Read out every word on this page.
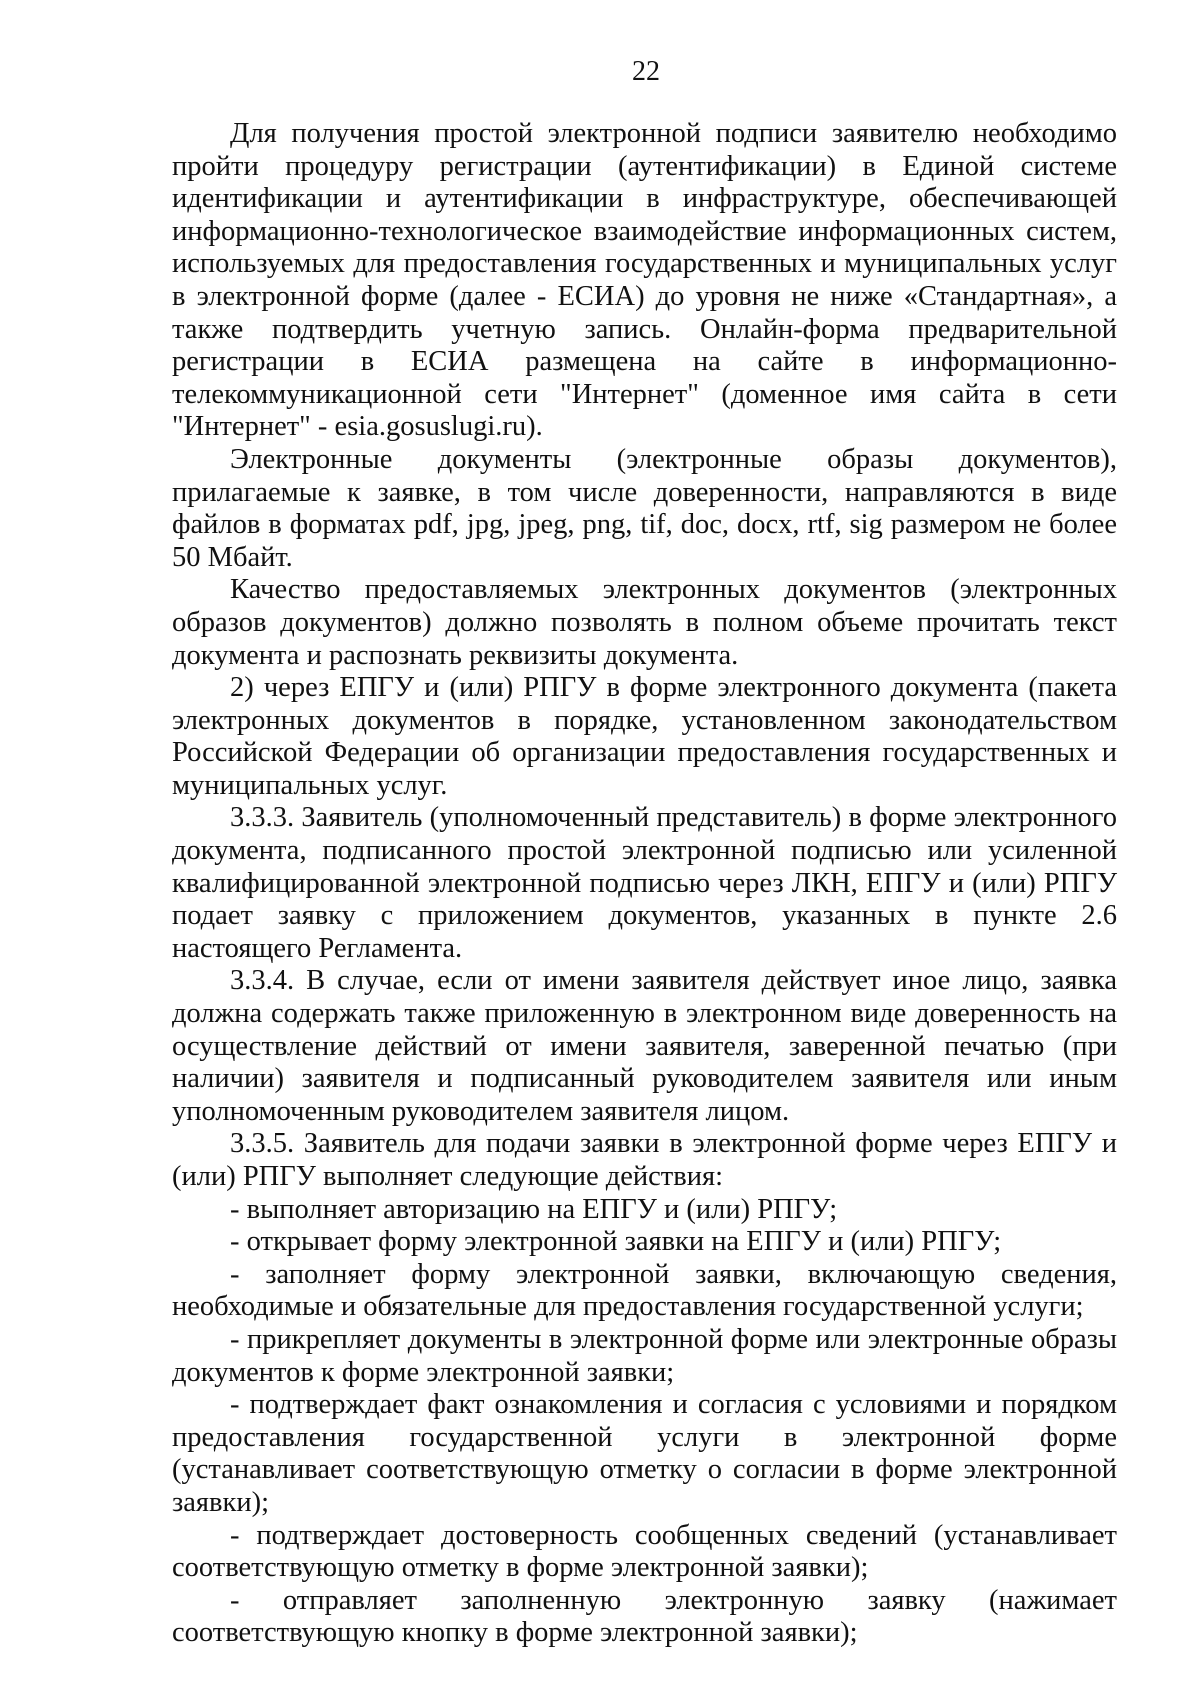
22

Для получения простой электронной подписи заявителю необходимо пройти процедуру регистрации (аутентификации) в Единой системе идентификации и аутентификации в инфраструктуре, обеспечивающей информационно-технологическое взаимодействие информационных систем, используемых для предоставления государственных и муниципальных услуг в электронной форме (далее - ЕСИА) до уровня не ниже «Стандартная», а также подтвердить учетную запись. Онлайн-форма предварительной регистрации в ЕСИА размещена на сайте в информационно-телекоммуникационной сети "Интернет" (доменное имя сайта в сети "Интернет" - esia.gosuslugi.ru).

Электронные документы (электронные образы документов), прилагаемые к заявке, в том числе доверенности, направляются в виде файлов в форматах pdf, jpg, jpeg, png, tif, doc, docx, rtf, sig размером не более 50 Мбайт.

Качество предоставляемых электронных документов (электронных образов документов) должно позволять в полном объеме прочитать текст документа и распознать реквизиты документа.

2) через ЕПГУ и (или) РПГУ в форме электронного документа (пакета электронных документов в порядке, установленном законодательством Российской Федерации об организации предоставления государственных и муниципальных услуг.

3.3.3. Заявитель (уполномоченный представитель) в форме электронного документа, подписанного простой электронной подписью или усиленной квалифицированной электронной подписью через ЛКН, ЕПГУ и (или) РПГУ подает заявку с приложением документов, указанных в пункте 2.6 настоящего Регламента.

3.3.4. В случае, если от имени заявителя действует иное лицо, заявка должна содержать также приложенную в электронном виде доверенность на осуществление действий от имени заявителя, заверенной печатью (при наличии) заявителя и подписанный руководителем заявителя или иным уполномоченным руководителем заявителя лицом.

3.3.5. Заявитель для подачи заявки в электронной форме через ЕПГУ и (или) РПГУ выполняет следующие действия:

- выполняет авторизацию на ЕПГУ и (или) РПГУ;

- открывает форму электронной заявки на ЕПГУ и (или) РПГУ;

- заполняет форму электронной заявки, включающую сведения, необходимые и обязательные для предоставления государственной услуги;

- прикрепляет документы в электронной форме или электронные образы документов к форме электронной заявки;

- подтверждает факт ознакомления и согласия с условиями и порядком предоставления государственной услуги в электронной форме (устанавливает соответствующую отметку о согласии в форме электронной заявки);

- подтверждает достоверность сообщенных сведений (устанавливает соответствующую отметку в форме электронной заявки);

- отправляет заполненную электронную заявку (нажимает соответствующую кнопку в форме электронной заявки);
